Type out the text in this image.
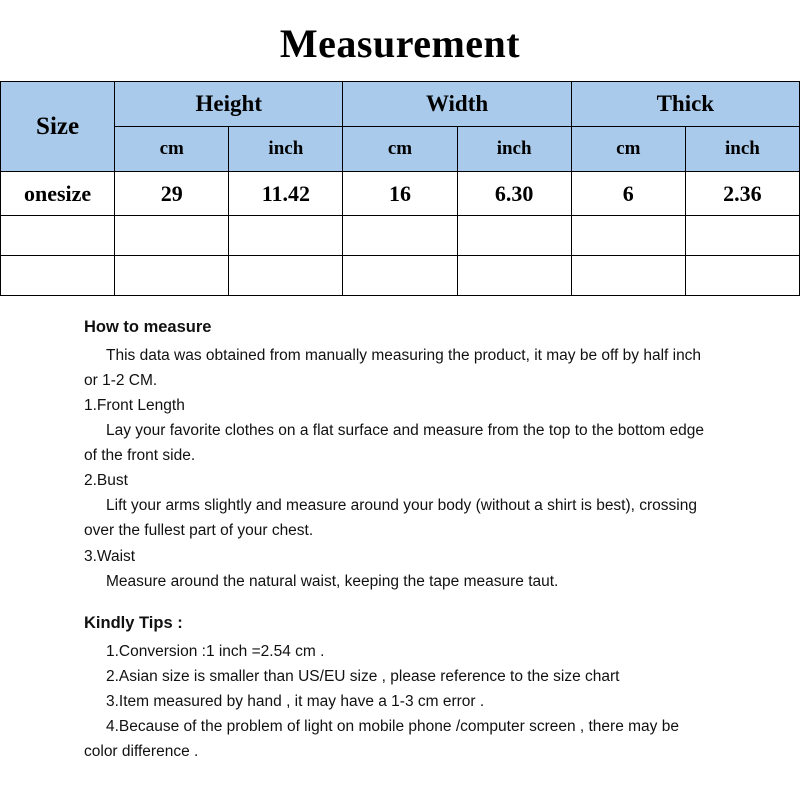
Measurement
Size	Height		Width		Thick	
	cm	inch	cm	inch	cm	inch
onesize	29	11.42	16	6.30	6	2.36

How to measure

This data was obtained from manually measuring the product, it may be off by half inch or 1-2 CM.

1.Front Length

Lay your favorite clothes on a flat surface and measure from the top to the bottom edge of the front side.

2.Bust

Lift your arms slightly and measure around your body (without a shirt is best), crossing over the fullest part of your chest.

3.Waist

Measure around the natural waist, keeping the tape measure taut.

Kindly Tips :

1.Conversion :1 inch =2.54 cm .

2.Asian size is smaller than US/EU size , please reference to the size chart

3.Item measured by hand , it may have a 1-3 cm error .

4.Because of the problem of light on mobile phone /computer screen , there may be color difference .
